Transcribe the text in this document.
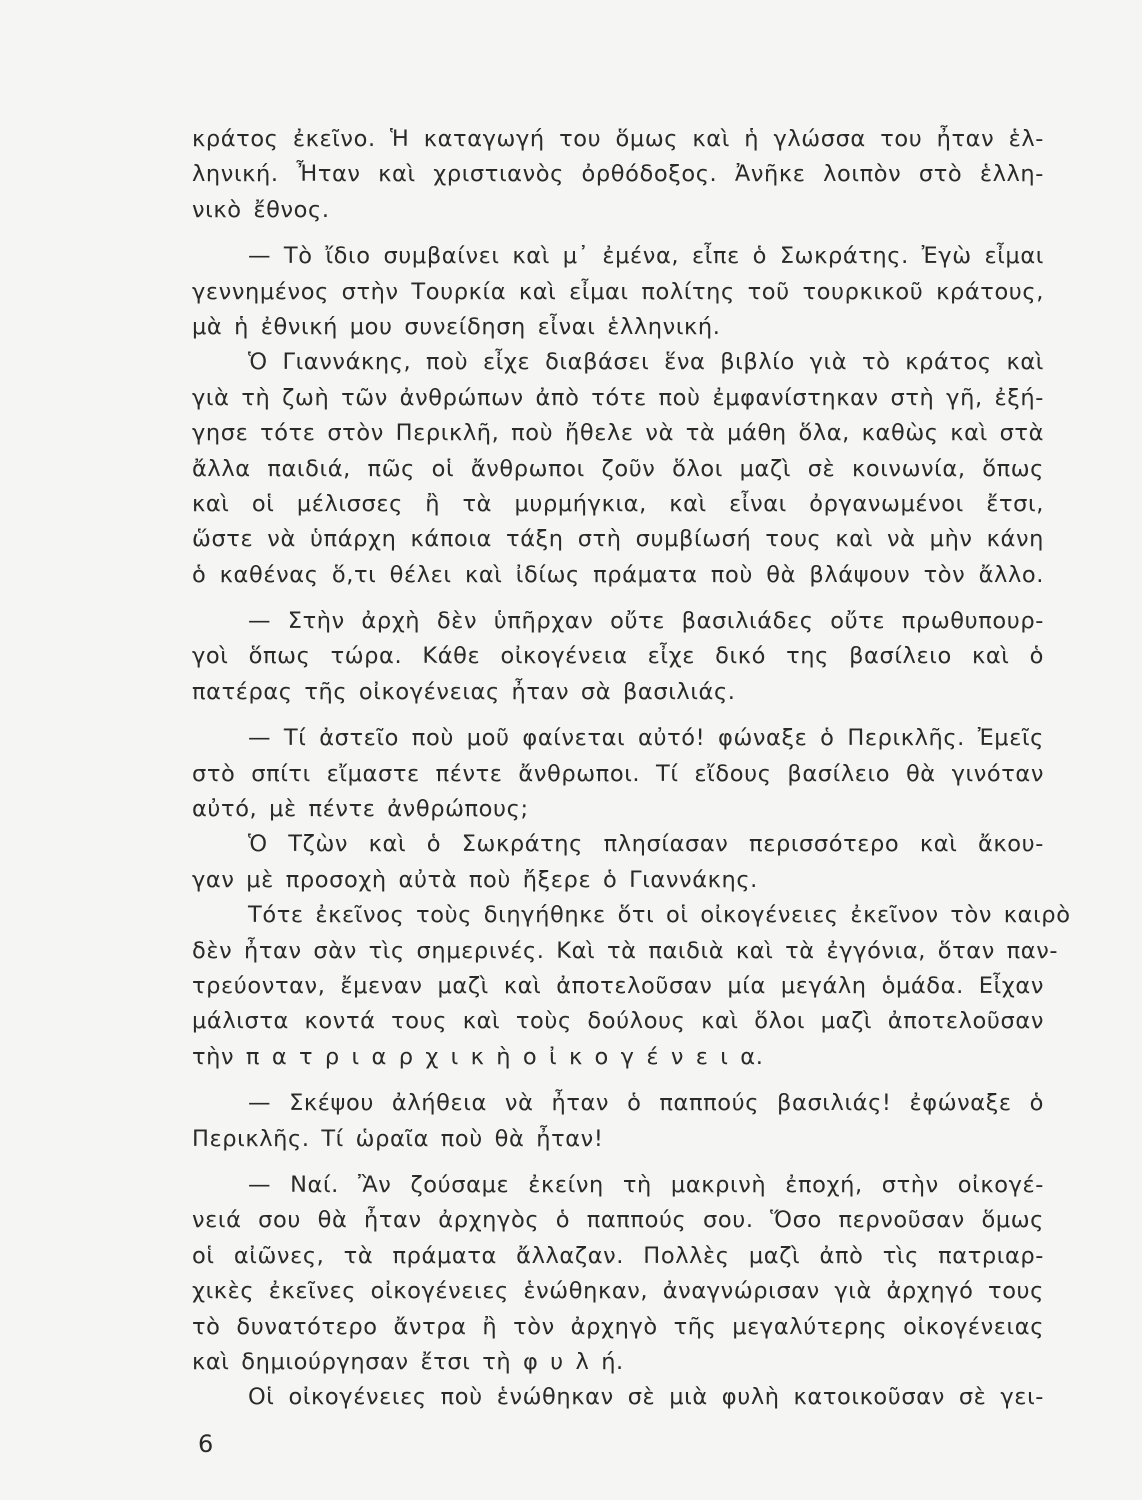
κράτος ἐκεῖνο. Ἡ καταγωγή του ὅμως καὶ ἡ γλώσσα του ἦταν ἑλ-
ληνική. Ἦταν καὶ χριστιανὸς ὀρθόδοξος. Ἀνῆκε λοιπὸν στὸ ἑλλη-
νικὸ ἔθνος.
— Τὸ ἴδιο συμβαίνει καὶ μ᾽ ἐμένα, εἶπε ὁ Σωκράτης. Ἐγὼ εἶμαι
γεννημένος στὴν Τουρκία καὶ εἶμαι πολίτης τοῦ τουρκικοῦ κράτους,
μὰ ἡ ἐθνική μου συνείδηση εἶναι ἑλληνική.
Ὁ Γιαννάκης, ποὺ εἶχε διαβάσει ἕνα βιβλίο γιὰ τὸ κράτος καὶ
γιὰ τὴ ζωὴ τῶν ἀνθρώπων ἀπὸ τότε ποὺ ἐμφανίστηκαν στὴ γῆ, ἐξή-
γησε τότε στὸν Περικλῆ, ποὺ ἤθελε νὰ τὰ μάθη ὅλα, καθὼς καὶ στὰ
ἄλλα παιδιά, πῶς οἱ ἄνθρωποι ζοῦν ὅλοι μαζὶ σὲ κοινωνία, ὅπως
καὶ οἱ μέλισσες ἢ τὰ μυρμήγκια, καὶ εἶναι ὀργανωμένοι ἔτσι,
ὥστε νὰ ὑπάρχη κάποια τάξη στὴ συμβίωσή τους καὶ νὰ μὴν κάνη
ὁ καθένας ὅ,τι θέλει καὶ ἰδίως πράματα ποὺ θὰ βλάψουν τὸν ἄλλο.
— Στὴν ἀρχὴ δὲν ὑπῆρχαν οὔτε βασιλιάδες οὔτε πρωθυπουρ-
γοὶ ὅπως τώρα. Κάθε οἰκογένεια εἶχε δικό της βασίλειο καὶ ὁ
πατέρας τῆς οἰκογένειας ἦταν σὰ βασιλιάς.
— Τί ἀστεῖο ποὺ μοῦ φαίνεται αὐτό! φώναξε ὁ Περικλῆς. Ἐμεῖς
στὸ σπίτι εἴμαστε πέντε ἄνθρωποι. Τί εἴδους βασίλειο θὰ γινόταν
αὐτό, μὲ πέντε ἀνθρώπους;
Ὁ Τζὼν καὶ ὁ Σωκράτης πλησίασαν περισσότερο καὶ ἄκου-
γαν μὲ προσοχὴ αὐτὰ ποὺ ἤξερε ὁ Γιαννάκης.
Τότε ἐκεῖνος τοὺς διηγήθηκε ὅτι οἱ οἰκογένειες ἐκεῖνον τὸν καιρὸ
δὲν ἦταν σὰν τὶς σημερινές. Καὶ τὰ παιδιὰ καὶ τὰ ἐγγόνια, ὅταν παν-
τρεύονταν, ἔμεναν μαζὶ καὶ ἀποτελοῦσαν μία μεγάλη ὁμάδα. Εἶχαν
μάλιστα κοντά τους καὶ τοὺς δούλους καὶ ὅλοι μαζὶ ἀποτελοῦσαν
τὴν π α τ ρ ι α ρ χ ι κ ὴ ο ἰ κ ο γ έ ν ε ι α.
— Σκέψου ἀλήθεια νὰ ἦταν ὁ παππούς βασιλιάς! ἐφώναξε ὁ
Περικλῆς. Τί ὡραῖα ποὺ θὰ ἦταν!
— Ναί. Ἂν ζούσαμε ἐκείνη τὴ μακρινὴ ἐποχή, στὴν οἰκογέ-
νειά σου θὰ ἦταν ἀρχηγὸς ὁ παππούς σου. Ὅσο περνοῦσαν ὅμως
οἱ αἰῶνες, τὰ πράματα ἄλλαζαν. Πολλὲς μαζὶ ἀπὸ τὶς πατριαρ-
χικὲς ἐκεῖνες οἰκογένειες ἑνώθηκαν, ἀναγνώρισαν γιὰ ἀρχηγό τους
τὸ δυνατότερο ἄντρα ἢ τὸν ἀρχηγὸ τῆς μεγαλύτερης οἰκογένειας
καὶ δημιούργησαν ἔτσι τὴ φ υ λ ή.
Οἱ οἰκογένειες ποὺ ἑνώθηκαν σὲ μιὰ φυλὴ κατοικοῦσαν σὲ γει-
6
